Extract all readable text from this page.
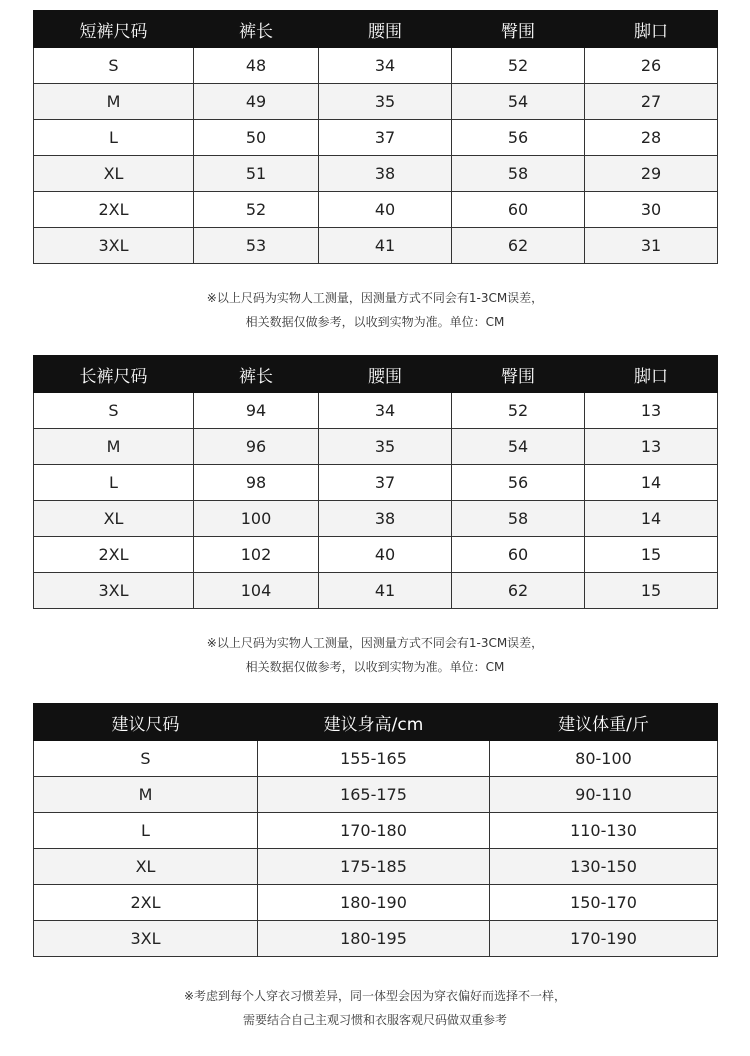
短裤尺码	裤长	腰围	臀围	脚口
S	48	34	52	26
M	49	35	54	27
L	50	37	56	28
XL	51	38	58	29
2XL	52	40	60	30
3XL	53	41	62	31

※以上尺码为实物人工测量，因测量方式不同会有1-3CM误差，

相关数据仅做参考，以收到实物为准。单位：CM

长裤尺码	裤长	腰围	臀围	脚口
S	94	34	52	13
M	96	35	54	13
L	98	37	56	14
XL	100	38	58	14
2XL	102	40	60	15
3XL	104	41	62	15

※以上尺码为实物人工测量，因测量方式不同会有1-3CM误差，

相关数据仅做参考，以收到实物为准。单位：CM

建议尺码	建议身高/cm	建议体重/斤
S	155-165	80-100
M	165-175	90-110
L	170-180	110-130
XL	175-185	130-150
2XL	180-190	150-170
3XL	180-195	170-190

※考虑到每个人穿衣习惯差异，同一体型会因为穿衣偏好而选择不一样，

需要结合自己主观习惯和衣服客观尺码做双重参考
